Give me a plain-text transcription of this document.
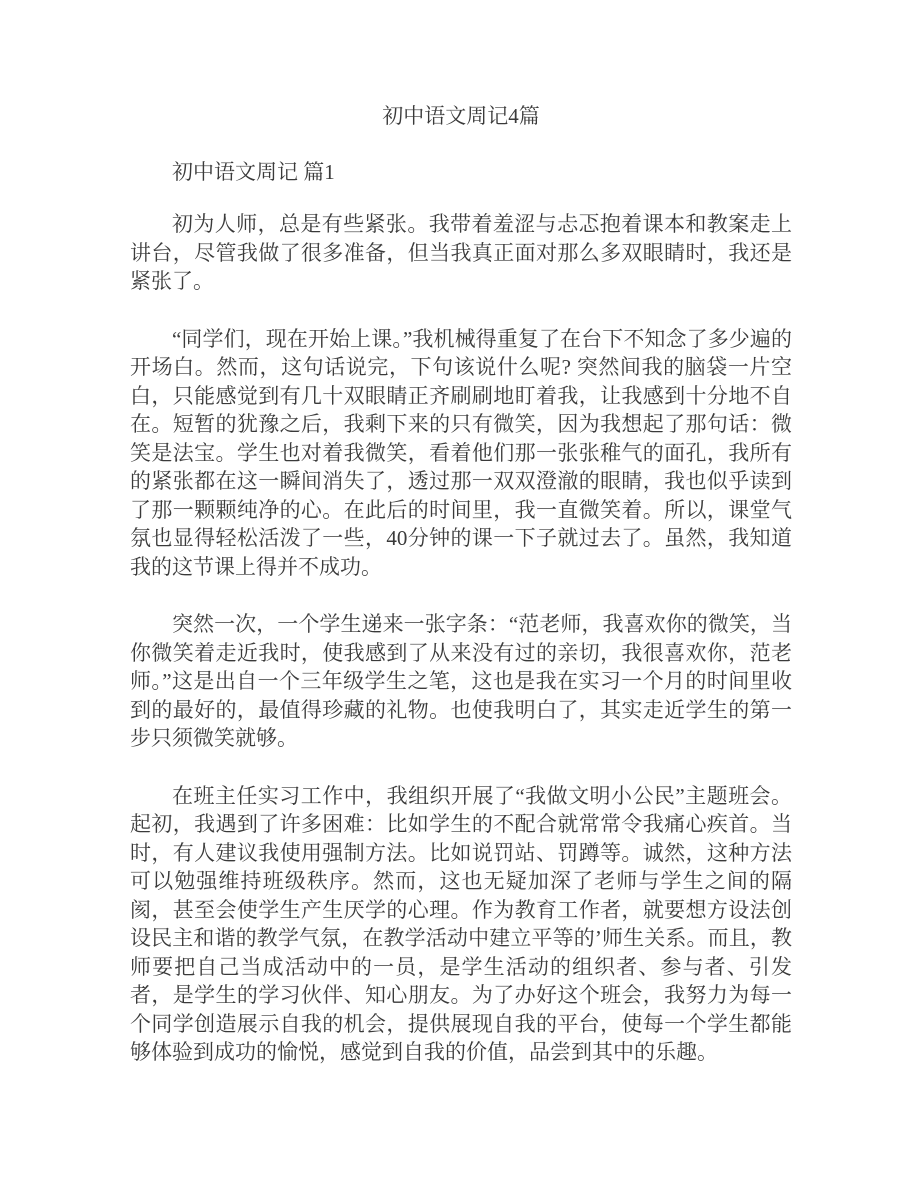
初中语文周记4篇

初中语文周记 篇1

初为人师，总是有些紧张。我带着羞涩与忐忑抱着课本和教案走上讲台，尽管我做了很多准备，但当我真正面对那么多双眼睛时，我还是紧张了。

“同学们，现在开始上课。”我机械得重复了在台下不知念了多少遍的开场白。然而，这句话说完，下句该说什么呢? 突然间我的脑袋一片空白，只能感觉到有几十双眼睛正齐刷刷地盯着我，让我感到十分地不自在。短暂的犹豫之后，我剩下来的只有微笑，因为我想起了那句话：微笑是法宝。学生也对着我微笑，看着他们那一张张稚气的面孔，我所有的紧张都在这一瞬间消失了，透过那一双双澄澈的眼睛，我也似乎读到了那一颗颗纯净的心。在此后的时间里，我一直微笑着。所以，课堂气氛也显得轻松活泼了一些，40分钟的课一下子就过去了。虽然，我知道我的这节课上得并不成功。

突然一次，一个学生递来一张字条：“范老师，我喜欢你的微笑，当你微笑着走近我时，使我感到了从来没有过的亲切，我很喜欢你，范老师。”这是出自一个三年级学生之笔，这也是我在实习一个月的时间里收到的最好的，最值得珍藏的礼物。也使我明白了，其实走近学生的第一步只须微笑就够。

在班主任实习工作中，我组织开展了“我做文明小公民”主题班会。起初，我遇到了许多困难：比如学生的不配合就常常令我痛心疾首。当时，有人建议我使用强制方法。比如说罚站、罚蹲等。诚然，这种方法可以勉强维持班级秩序。然而，这也无疑加深了老师与学生之间的隔阂，甚至会使学生产生厌学的心理。作为教育工作者，就要想方设法创设民主和谐的教学气氛，在教学活动中建立平等的’师生关系。而且，教师要把自己当成活动中的一员，是学生活动的组织者、参与者、引发者，是学生的学习伙伴、知心朋友。为了办好这个班会，我努力为每一个同学创造展示自我的机会，提供展现自我的平台，使每一个学生都能够体验到成功的愉悦，感觉到自我的价值，品尝到其中的乐趣。
